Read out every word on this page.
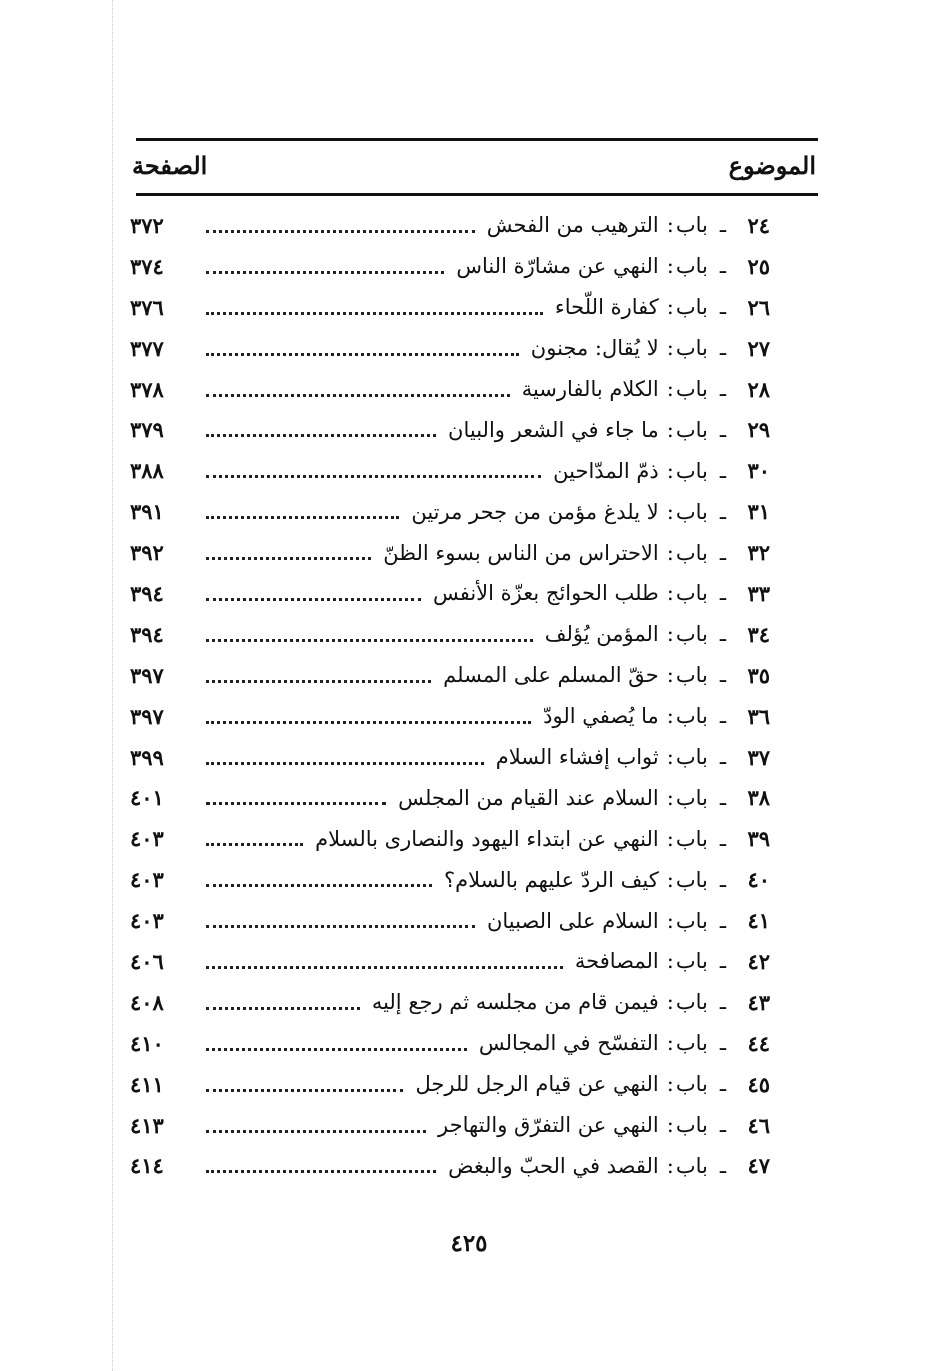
الموضوع
الصفحة
٢٤
ـ
باب
:
الترهيب من الفحش
٣٧٢
٢٥
ـ
باب
:
النهي عن مشارّة الناس
٣٧٤
٢٦
ـ
باب
:
كفارة اللّحاء
٣٧٦
٢٧
ـ
باب
:
لا يُقال: مجنون
٣٧٧
٢٨
ـ
باب
:
الكلام بالفارسية
٣٧٨
٢٩
ـ
باب
:
ما جاء في الشعر والبيان
٣٧٩
٣٠
ـ
باب
:
ذمّ المدّاحين
٣٨٨
٣١
ـ
باب
:
لا يلدغ مؤمن من جحر مرتين
٣٩١
٣٢
ـ
باب
:
الاحتراس من الناس بسوء الظنّ
٣٩٢
٣٣
ـ
باب
:
طلب الحوائج بعزّة الأنفس
٣٩٤
٣٤
ـ
باب
:
المؤمن يُؤلف
٣٩٤
٣٥
ـ
باب
:
حقّ المسلم على المسلم
٣٩٧
٣٦
ـ
باب
:
ما يُصفي الودّ
٣٩٧
٣٧
ـ
باب
:
ثواب إفشاء السلام
٣٩٩
٣٨
ـ
باب
:
السلام عند القيام من المجلس
٤٠١
٣٩
ـ
باب
:
النهي عن ابتداء اليهود والنصارى بالسلام
٤٠٣
٤٠
ـ
باب
:
كيف الردّ عليهم بالسلام؟
٤٠٣
٤١
ـ
باب
:
السلام على الصبيان
٤٠٣
٤٢
ـ
باب
:
المصافحة
٤٠٦
٤٣
ـ
باب
:
فيمن قام من مجلسه ثم رجع إليه
٤٠٨
٤٤
ـ
باب
:
التفسّح في المجالس
٤١٠
٤٥
ـ
باب
:
النهي عن قيام الرجل للرجل
٤١١
٤٦
ـ
باب
:
النهي عن التفرّق والتهاجر
٤١٣
٤٧
ـ
باب
:
القصد في الحبّ والبغض
٤١٤
٤٢٥
